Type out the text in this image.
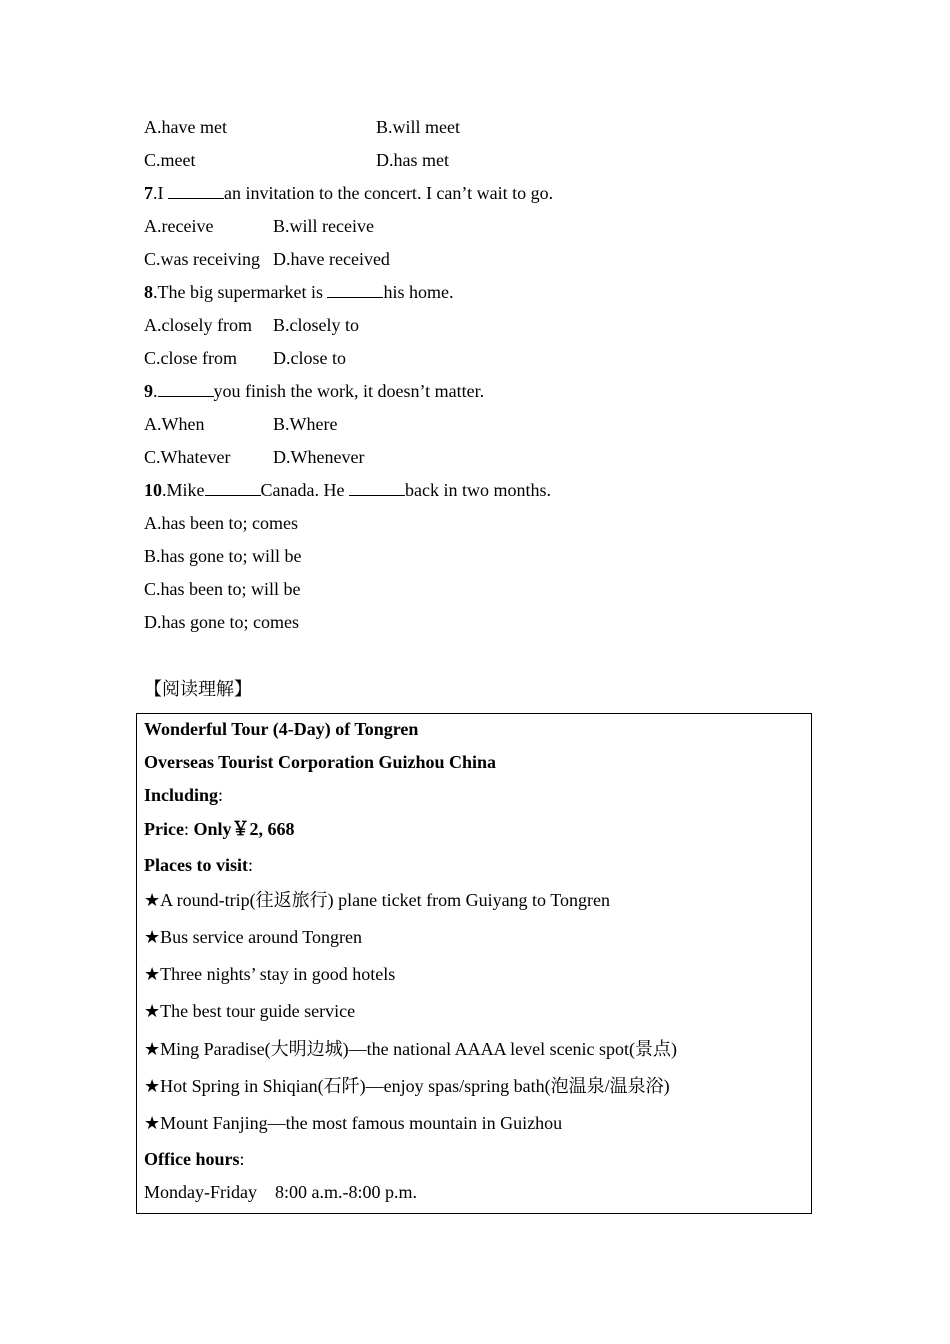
A.have met	B.will meet
C.meet	D.has met
7.I	an invitation to the concert. I can’t wait to go.
A.receive	B.will receive
C.was receiving D.have received
8.The big supermarket is	his home.
A.closely from B.closely to
C.close from D.close to
9.	you finish the work, it doesn’t matter.
A.When	B.Where
C.Whatever D.Whenever
10.Mike	Canada. He	back in two months.
A.has been to; comes
B.has gone to; will be
C.has been to; will be
D.has gone to; comes
【阅读理解】
Wonderful Tour (4-Day) of Tongren
Overseas Tourist Corporation Guizhou China
Including:
Price: Only￥2, 668
Places to visit:
★A round-trip(往返旅行) plane ticket from Guiyang to Tongren
★Bus service around Tongren
★Three nights’ stay in good hotels
★The best tour guide service
★Ming Paradise(大明边城)—the national AAAA level scenic spot(景点)
★Hot Spring in Shiqian(石阡)—enjoy spas/spring bath(泡温泉/温泉浴)
★Mount Fanjing—the most famous mountain in Guizhou
Office hours:
Monday-Friday    8:00 a.m.-8:00 p.m.
